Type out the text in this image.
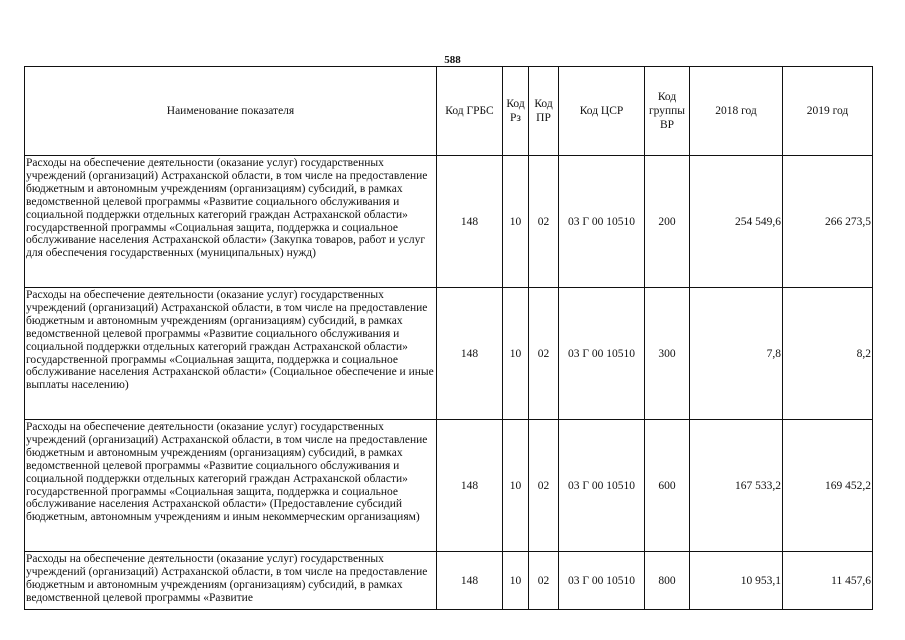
588
Наименование показателя	Код ГРБС	Код Рз	Код ПР	Код ЦСР	Код группы ВР	2018 год	2019 год
Расходы на обеспечение деятельности (оказание услуг) государственных учреждений (организаций) Астраханской области, в том числе на предоставление бюджетным и автономным учреждениям (организациям) субсидий, в рамках ведомственной целевой программы «Развитие социального обслуживания и социальной поддержки отдельных категорий граждан Астраханской области» государственной программы «Социальная защита, поддержка и социальное обслуживание населения Астраханской области» (Закупка товаров, работ и услуг для обеспечения государственных (муниципальных) нужд)	148	10	02	03 Г 00 10510	200	254 549,6	266 273,5
Расходы на обеспечение деятельности (оказание услуг) государственных учреждений (организаций) Астраханской области, в том числе на предоставление бюджетным и автономным учреждениям (организациям) субсидий, в рамках ведомственной целевой программы «Развитие социального обслуживания и социальной поддержки отдельных категорий граждан Астраханской области» государственной программы «Социальная защита, поддержка и социальное обслуживание населения Астраханской области» (Социальное обеспечение и иные выплаты населению)	148	10	02	03 Г 00 10510	300	7,8	8,2
Расходы на обеспечение деятельности (оказание услуг) государственных учреждений (организаций) Астраханской области, в том числе на предоставление бюджетным и автономным учреждениям (организациям) субсидий, в рамках ведомственной целевой программы «Развитие социального обслуживания и социальной поддержки отдельных категорий граждан Астраханской области» государственной программы «Социальная защита, поддержка и социальное обслуживание населения Астраханской области» (Предоставление субсидий бюджетным, автономным учреждениям и иным некоммерческим организациям)	148	10	02	03 Г 00 10510	600	167 533,2	169 452,2
Расходы на обеспечение деятельности (оказание услуг) государственных учреждений (организаций) Астраханской области, в том числе на предоставление бюджетным и автономным учреждениям (организациям) субсидий, в рамках ведомственной целевой программы «Развитие	148	10	02	03 Г 00 10510	800	10 953,1	11 457,6
